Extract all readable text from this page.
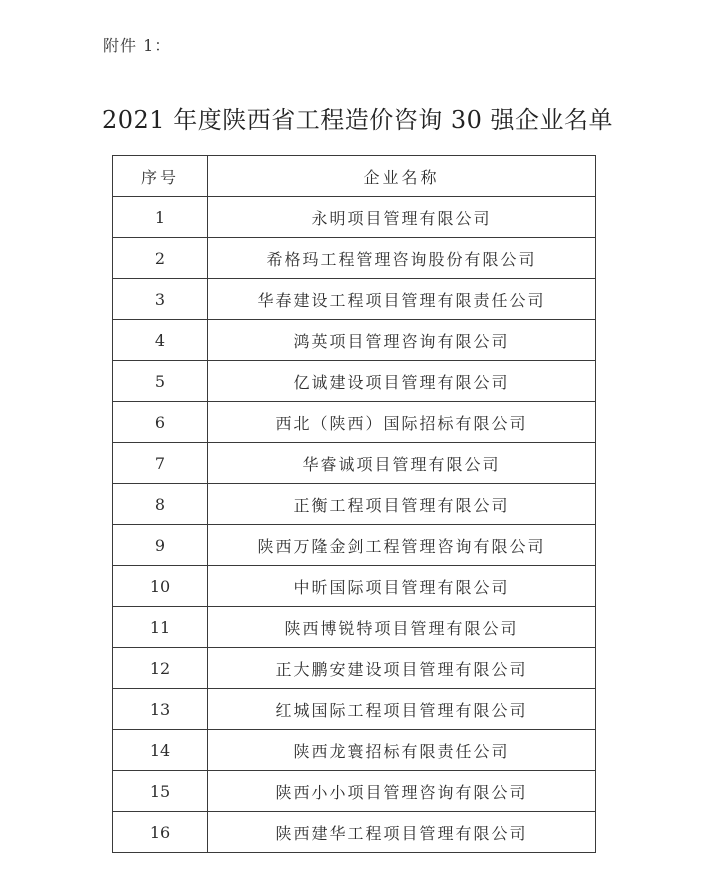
附件 1：
2021 年度陕西省工程造价咨询 30 强企业名单
序号	企业名称
1	永明项目管理有限公司
2	希格玛工程管理咨询股份有限公司
3	华春建设工程项目管理有限责任公司
4	鸿英项目管理咨询有限公司
5	亿诚建设项目管理有限公司
6	西北（陕西）国际招标有限公司
7	华睿诚项目管理有限公司
8	正衡工程项目管理有限公司
9	陕西万隆金剑工程管理咨询有限公司
10	中昕国际项目管理有限公司
11	陕西博锐特项目管理有限公司
12	正大鹏安建设项目管理有限公司
13	红城国际工程项目管理有限公司
14	陕西龙寰招标有限责任公司
15	陕西小小项目管理咨询有限公司
16	陕西建华工程项目管理有限公司
